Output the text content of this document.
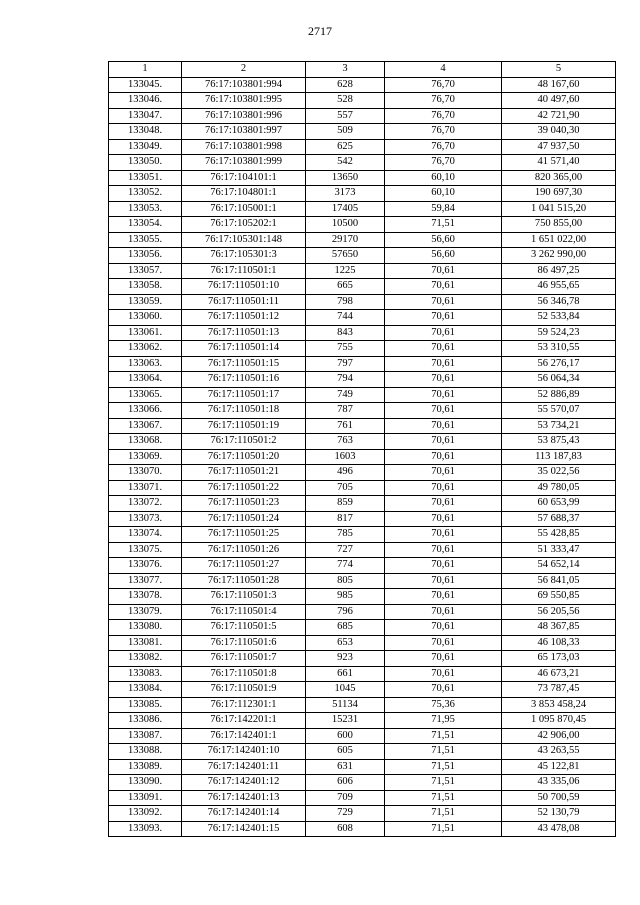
2717
1	2	3	4	5
133045.	76:17:103801:994	628	76,70	48 167,60
133046.	76:17:103801:995	528	76,70	40 497,60
133047.	76:17:103801:996	557	76,70	42 721,90
133048.	76:17:103801:997	509	76,70	39 040,30
133049.	76:17:103801:998	625	76,70	47 937,50
133050.	76:17:103801:999	542	76,70	41 571,40
133051.	76:17:104101:1	13650	60,10	820 365,00
133052.	76:17:104801:1	3173	60,10	190 697,30
133053.	76:17:105001:1	17405	59,84	1 041 515,20
133054.	76:17:105202:1	10500	71,51	750 855,00
133055.	76:17:105301:148	29170	56,60	1 651 022,00
133056.	76:17:105301:3	57650	56,60	3 262 990,00
133057.	76:17:110501:1	1225	70,61	86 497,25
133058.	76:17:110501:10	665	70,61	46 955,65
133059.	76:17:110501:11	798	70,61	56 346,78
133060.	76:17:110501:12	744	70,61	52 533,84
133061.	76:17:110501:13	843	70,61	59 524,23
133062.	76:17:110501:14	755	70,61	53 310,55
133063.	76:17:110501:15	797	70,61	56 276,17
133064.	76:17:110501:16	794	70,61	56 064,34
133065.	76:17:110501:17	749	70,61	52 886,89
133066.	76:17:110501:18	787	70,61	55 570,07
133067.	76:17:110501:19	761	70,61	53 734,21
133068.	76:17:110501:2	763	70,61	53 875,43
133069.	76:17:110501:20	1603	70,61	113 187,83
133070.	76:17:110501:21	496	70,61	35 022,56
133071.	76:17:110501:22	705	70,61	49 780,05
133072.	76:17:110501:23	859	70,61	60 653,99
133073.	76:17:110501:24	817	70,61	57 688,37
133074.	76:17:110501:25	785	70,61	55 428,85
133075.	76:17:110501:26	727	70,61	51 333,47
133076.	76:17:110501:27	774	70,61	54 652,14
133077.	76:17:110501:28	805	70,61	56 841,05
133078.	76:17:110501:3	985	70,61	69 550,85
133079.	76:17:110501:4	796	70,61	56 205,56
133080.	76:17:110501:5	685	70,61	48 367,85
133081.	76:17:110501:6	653	70,61	46 108,33
133082.	76:17:110501:7	923	70,61	65 173,03
133083.	76:17:110501:8	661	70,61	46 673,21
133084.	76:17:110501:9	1045	70,61	73 787,45
133085.	76:17:112301:1	51134	75,36	3 853 458,24
133086.	76:17:142201:1	15231	71,95	1 095 870,45
133087.	76:17:142401:1	600	71,51	42 906,00
133088.	76:17:142401:10	605	71,51	43 263,55
133089.	76:17:142401:11	631	71,51	45 122,81
133090.	76:17:142401:12	606	71,51	43 335,06
133091.	76:17:142401:13	709	71,51	50 700,59
133092.	76:17:142401:14	729	71,51	52 130,79
133093.	76:17:142401:15	608	71,51	43 478,08
